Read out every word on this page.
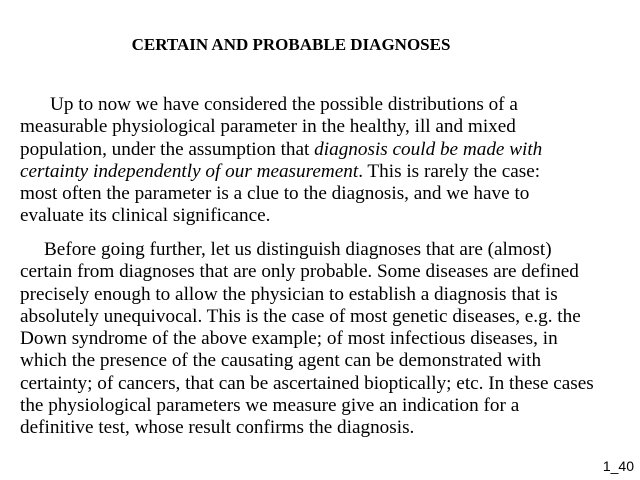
CERTAIN AND PROBABLE DIAGNOSES

Up to now we have considered the possible distributions of a
measurable physiological parameter in the healthy, ill and mixed
population, under the assumption that diagnosis could be made with
certainty independently of our measurement. This is rarely the case:
most often the parameter is a clue to the diagnosis, and we have to
evaluate its clinical significance.

Before going further, let us distinguish diagnoses that are (almost)
certain from diagnoses that are only probable. Some diseases are defined
precisely enough to allow the physician to establish a diagnosis that is
absolutely unequivocal. This is the case of most genetic diseases, e.g. the
Down syndrome of the above example; of most infectious diseases, in
which the presence of the causating agent can be demonstrated with
certainty; of cancers, that can be ascertained bioptically; etc. In these cases
the physiological parameters we measure give an indication for a
definitive test, whose result confirms the diagnosis.

1_40
